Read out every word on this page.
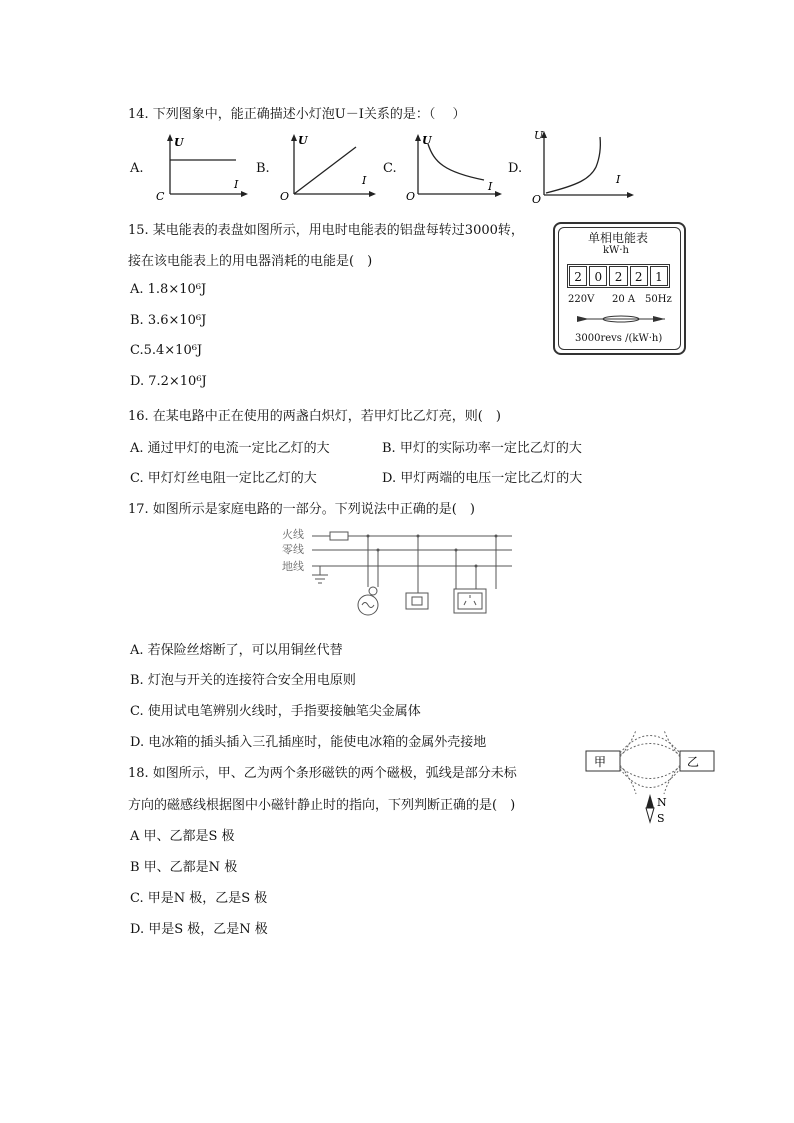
14. 下列图象中，能正确描述小灯泡U－I关系的是：（　 ）
A.
U
I
C
B.
U
I
O
C.
U
I
O
D.
U
I
O
15. 某电能表的表盘如图所示，用电时电能表的铝盘每转过3000转，
接在该电能表上的用电器消耗的电能是(　)
A. 1.8×10⁶J
B. 3.6×10⁶J
C.5.4×10⁶J
D. 7.2×10⁶J
单相电能表
kW·h
2	0	2	2	1
220V 20 A 50Hz
3000revs /(kW·h)
16. 在某电路中正在使用的两盏白炽灯，若甲灯比乙灯亮，则(　)
A. 通过甲灯的电流一定比乙灯的大	B. 甲灯的实际功率一定比乙灯的大
C. 甲灯灯丝电阻一定比乙灯的大	D. 甲灯两端的电压一定比乙灯的大
17. 如图所示是家庭电路的一部分。下列说法中正确的是(　)
火线
零线
地线
A. 若保险丝熔断了，可以用铜丝代替
B. 灯泡与开关的连接符合安全用电原则
C. 使用试电笔辨别火线时，手指要接触笔尖金属体
D. 电冰箱的插头插入三孔插座时，能使电冰箱的金属外壳接地
18. 如图所示，甲、乙为两个条形磁铁的两个磁极，弧线是部分未标
方向的磁感线根据图中小磁针静止时的指向，下列判断正确的是(　)
A 甲、乙都是S 极
B 甲、乙都是N 极
C. 甲是N 极，乙是S 极
D. 甲是S 极，乙是N 极
甲	乙
N
S
